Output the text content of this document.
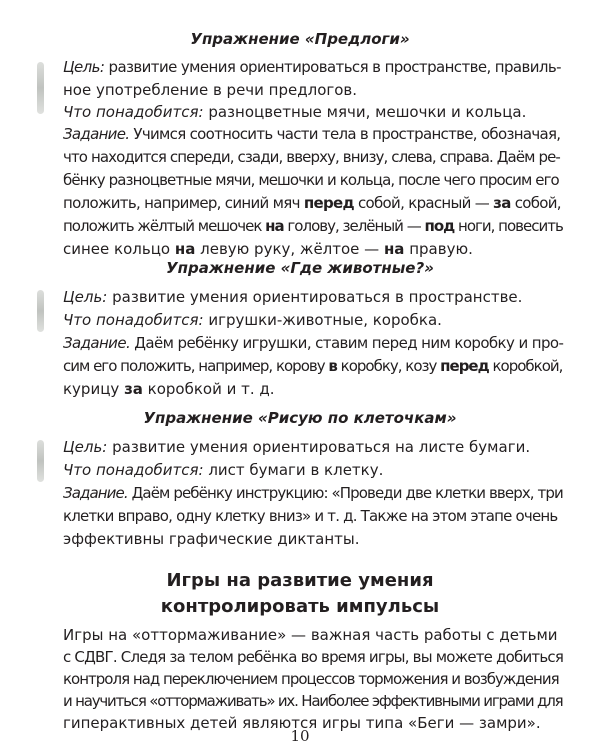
Упражнение «Предлоги»
Цель: развитие умения ориентироваться в пространстве, правиль-
ное употребление в речи предлогов.
Что понадобится: разноцветные мячи, мешочки и кольца.
Задание. Учимся соотносить части тела в пространстве, обозначая,
что находится спереди, сзади, вверху, внизу, слева, справа. Даём ре-
бёнку разноцветные мячи, мешочки и кольца, после чего просим его
положить, например, синий мяч перед собой, красный — за собой,
положить жёлтый мешочек на голову, зелёный — под ноги, повесить
синее кольцо на левую руку, жёлтое — на правую.
Упражнение «Где животные?»
Цель: развитие умения ориентироваться в пространстве.
Что понадобится: игрушки-животные, коробка.
Задание. Даём ребёнку игрушки, ставим перед ним коробку и про-
сим его положить, например, корову в коробку, козу перед коробкой,
курицу за коробкой и т. д.
Упражнение «Рисую по клеточкам»
Цель: развитие умения ориентироваться на листе бумаги.
Что понадобится: лист бумаги в клетку.
Задание. Даём ребёнку инструкцию: «Проведи две клетки вверх, три
клетки вправо, одну клетку вниз» и т. д. Также на этом этапе очень
эффективны графические диктанты.
Игры на развитие умения
контролировать импульсы
Игры на «оттормаживание» — важная часть работы с детьми
с СДВГ. Следя за телом ребёнка во время игры, вы можете добиться
контроля над переключением процессов торможения и возбуждения
и научиться «оттормаживать» их. Наиболее эффективными играми для
гиперактивных детей являются игры типа «Беги — замри».
10
